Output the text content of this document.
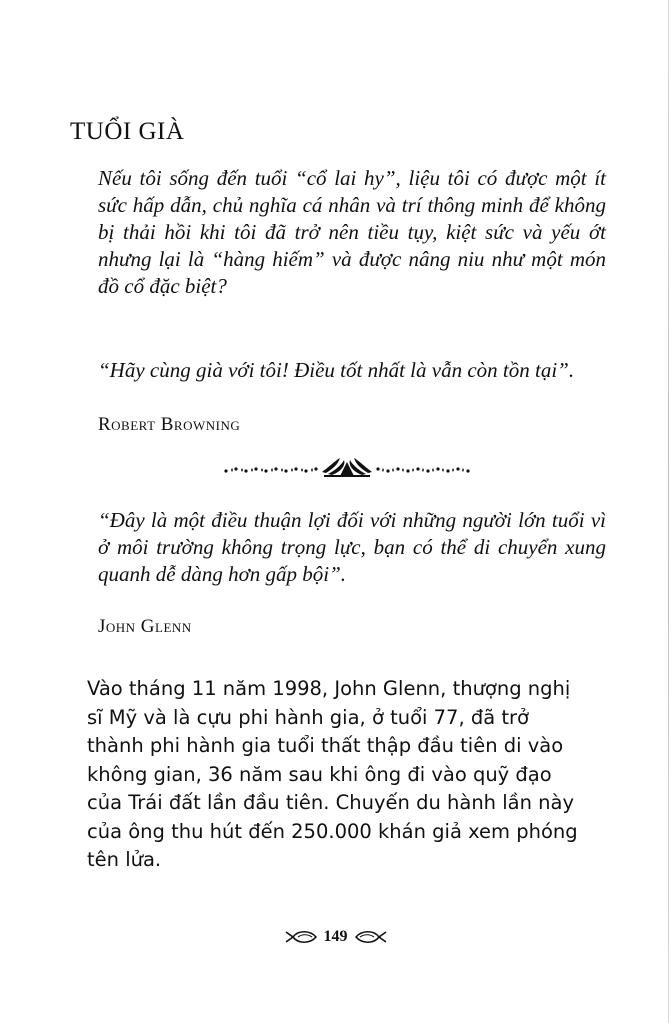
TUỔI GIÀ

Nếu tôi sống đến tuổi “cổ lai hy”, liệu tôi có được một ít sức hấp dẫn, chủ nghĩa cá nhân và trí thông minh để không bị thải hồi khi tôi đã trở nên tiều tụy, kiệt sức và yếu ớt nhưng lại là “hàng hiếm” và được nâng niu như một món đồ cổ đặc biệt?

“Hãy cùng già với tôi! Điều tốt nhất là vẫn còn tồn tại”.

Robert Browning

“Đây là một điều thuận lợi đối với những người lớn tuổi vì ở môi trường không trọng lực, bạn có thể di chuyển xung quanh dễ dàng hơn gấp bội”.

John Glenn

Vào tháng 11 năm 1998, John Glenn, thượng nghị sĩ Mỹ và là cựu phi hành gia, ở tuổi 77, đã trở thành phi hành gia tuổi thất thập đầu tiên di vào không gian, 36 năm sau khi ông đi vào quỹ đạo của Trái đất lần đầu tiên. Chuyến du hành lần này của ông thu hút đến 250.000 khán giả xem phóng tên lửa.

149
